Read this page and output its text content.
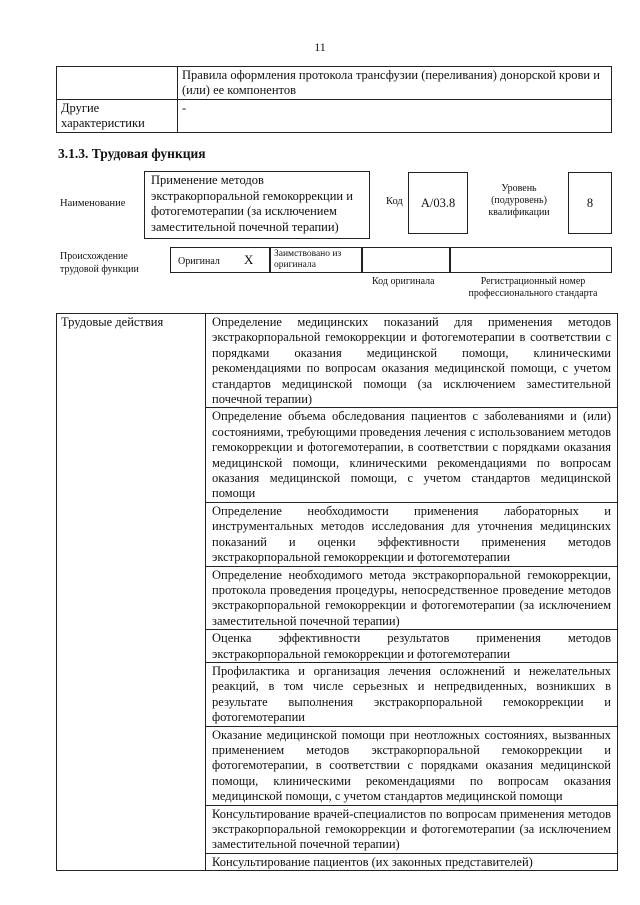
11
	Правила оформления протокола трансфузии (переливания) донорской крови и (или) ее компонентов
Другие характеристики	-
3.1.3. Трудовая функция
Наименование
Применение методов экстракорпоральной гемокоррекции и фотогемотерапии (за исключением заместительной почечной терапии)
Код	А/03.8
Уровень (подуровень) квалификации
8
Происхождение трудовой функции
Оригинал X	Заимствовано из оригинала
Код оригинала	Регистрационный номер профессионального стандарта
Трудовые действия	Определение медицинских показаний для применения методов экстракорпоральной гемокоррекции и фотогемотерапии в соответствии с порядками оказания медицинской помощи, клиническими рекомендациями по вопросам оказания медицинской помощи, с учетом стандартов медицинской помощи (за исключением заместительной почечной терапии)
Определение объема обследования пациентов с заболеваниями и (или) состояниями, требующими проведения лечения с использованием методов гемокоррекции и фотогемотерапии, в соответствии с порядками оказания медицинской помощи, клиническими рекомендациями по вопросам оказания медицинской помощи, с учетом стандартов медицинской помощи
Определение необходимости применения лабораторных и инструментальных методов исследования для уточнения медицинских показаний и оценки эффективности применения методов экстракорпоральной гемокоррекции и фотогемотерапии
Определение необходимого метода экстракорпоральной гемокоррекции, протокола проведения процедуры, непосредственное проведение методов экстракорпоральной гемокоррекции и фотогемотерапии (за исключением заместительной почечной терапии)
Оценка эффективности результатов применения методов экстракорпоральной гемокоррекции и фотогемотерапии
Профилактика и организация лечения осложнений и нежелательных реакций, в том числе серьезных и непредвиденных, возникших в результате выполнения экстракорпоральной гемокоррекции и фотогемотерапии
Оказание медицинской помощи при неотложных состояниях, вызванных применением методов экстракорпоральной гемокоррекции и фотогемотерапии, в соответствии с порядками оказания медицинской помощи, клиническими рекомендациями по вопросам оказания медицинской помощи, с учетом стандартов медицинской помощи
Консультирование врачей-специалистов по вопросам применения методов экстракорпоральной гемокоррекции и фотогемотерапии (за исключением заместительной почечной терапии)
Консультирование пациентов (их законных представителей)
